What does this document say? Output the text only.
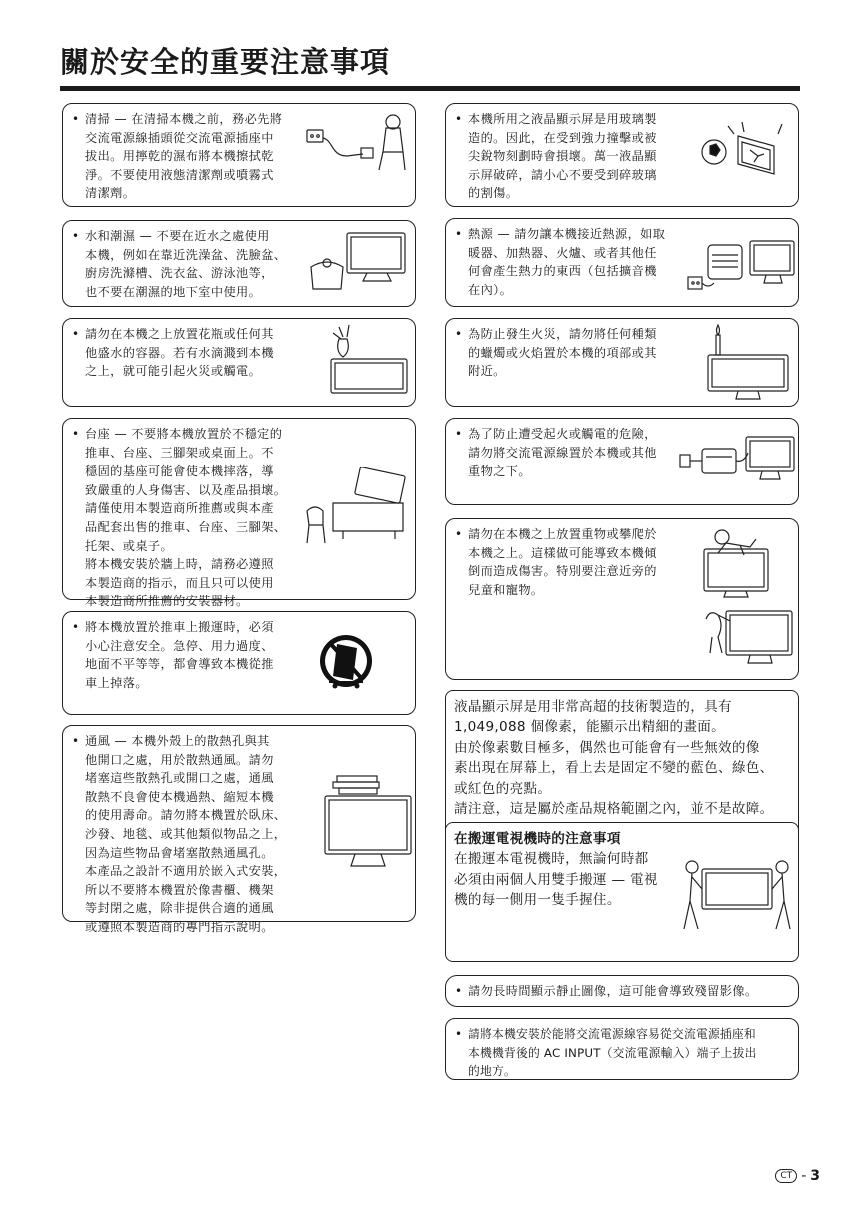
關於安全的重要注意事項
• 清掃 — 在清掃本機之前，務必先將
交流電源線插頭從交流電源插座中
拔出。用擰乾的濕布將本機擦拭乾
淨。不要使用液態清潔劑或噴霧式
清潔劑。
• 水和潮濕 — 不要在近水之處使用
本機，例如在靠近洗澡盆、洗臉盆、
廚房洗滌槽、洗衣盆、游泳池等，
也不要在潮濕的地下室中使用。
• 請勿在本機之上放置花瓶或任何其
他盛水的容器。若有水滴濺到本機
之上，就可能引起火災或觸電。
• 台座 — 不要將本機放置於不穩定的
推車、台座、三腳架或桌面上。不
穩固的基座可能會使本機摔落，導
致嚴重的人身傷害、以及產品損壞。
請僅使用本製造商所推薦或與本產
品配套出售的推車、台座、三腳架、
托架、或桌子。
將本機安裝於牆上時，請務必遵照
本製造商的指示，而且只可以使用
本製造商所推薦的安裝器材。
• 將本機放置於推車上搬運時，必須
小心注意安全。急停、用力過度、
地面不平等等，都會導致本機從推
車上掉落。
• 通風 — 本機外殼上的散熱孔與其
他開口之處，用於散熱通風。請勿
堵塞這些散熱孔或開口之處，通風
散熱不良會使本機過熱、縮短本機
的使用壽命。請勿將本機置於臥床、
沙發、地毯、或其他類似物品之上，
因為這些物品會堵塞散熱通風孔。
本產品之設計不適用於嵌入式安裝，
所以不要將本機置於像書櫃、機架
等封閉之處，除非提供合適的通風
或遵照本製造商的專門指示說明。
• 本機所用之液晶顯示屏是用玻璃製
造的。因此，在受到強力撞擊或被
尖銳物刻劃時會損壞。萬一液晶顯
示屏破碎，請小心不要受到碎玻璃
的割傷。
• 熱源 — 請勿讓本機接近熱源，如取
暖器、加熱器、火爐、或者其他任
何會產生熱力的東西（包括擴音機
在內）。
• 為防止發生火災，請勿將任何種類
的蠟燭或火焰置於本機的項部或其
附近。
• 為了防止遭受起火或觸電的危險，
請勿將交流電源線置於本機或其他
重物之下。
• 請勿在本機之上放置重物或攀爬於
本機之上。這樣做可能導致本機傾
倒而造成傷害。特別要注意近旁的
兒童和寵物。
液晶顯示屏是用非常高超的技術製造的，具有
1,049,088 個像素，能顯示出精細的畫面。
由於像素數目極多，偶然也可能會有一些無效的像
素出現在屏幕上，看上去是固定不變的藍色、綠色、
或紅色的亮點。
請注意，這是屬於產品規格範圍之內，並不是故障。
在搬運電視機時的注意事項
在搬運本電視機時，無論何時都
必須由兩個人用雙手搬運 — 電視
機的每一側用一隻手握住。
• 請勿長時間顯示靜止圖像，這可能會導致殘留影像。
• 請將本機安裝於能將交流電源線容易從交流電源插座和
本機機背後的 AC INPUT（交流電源輸入）端子上拔出
的地方。
CT - 3
